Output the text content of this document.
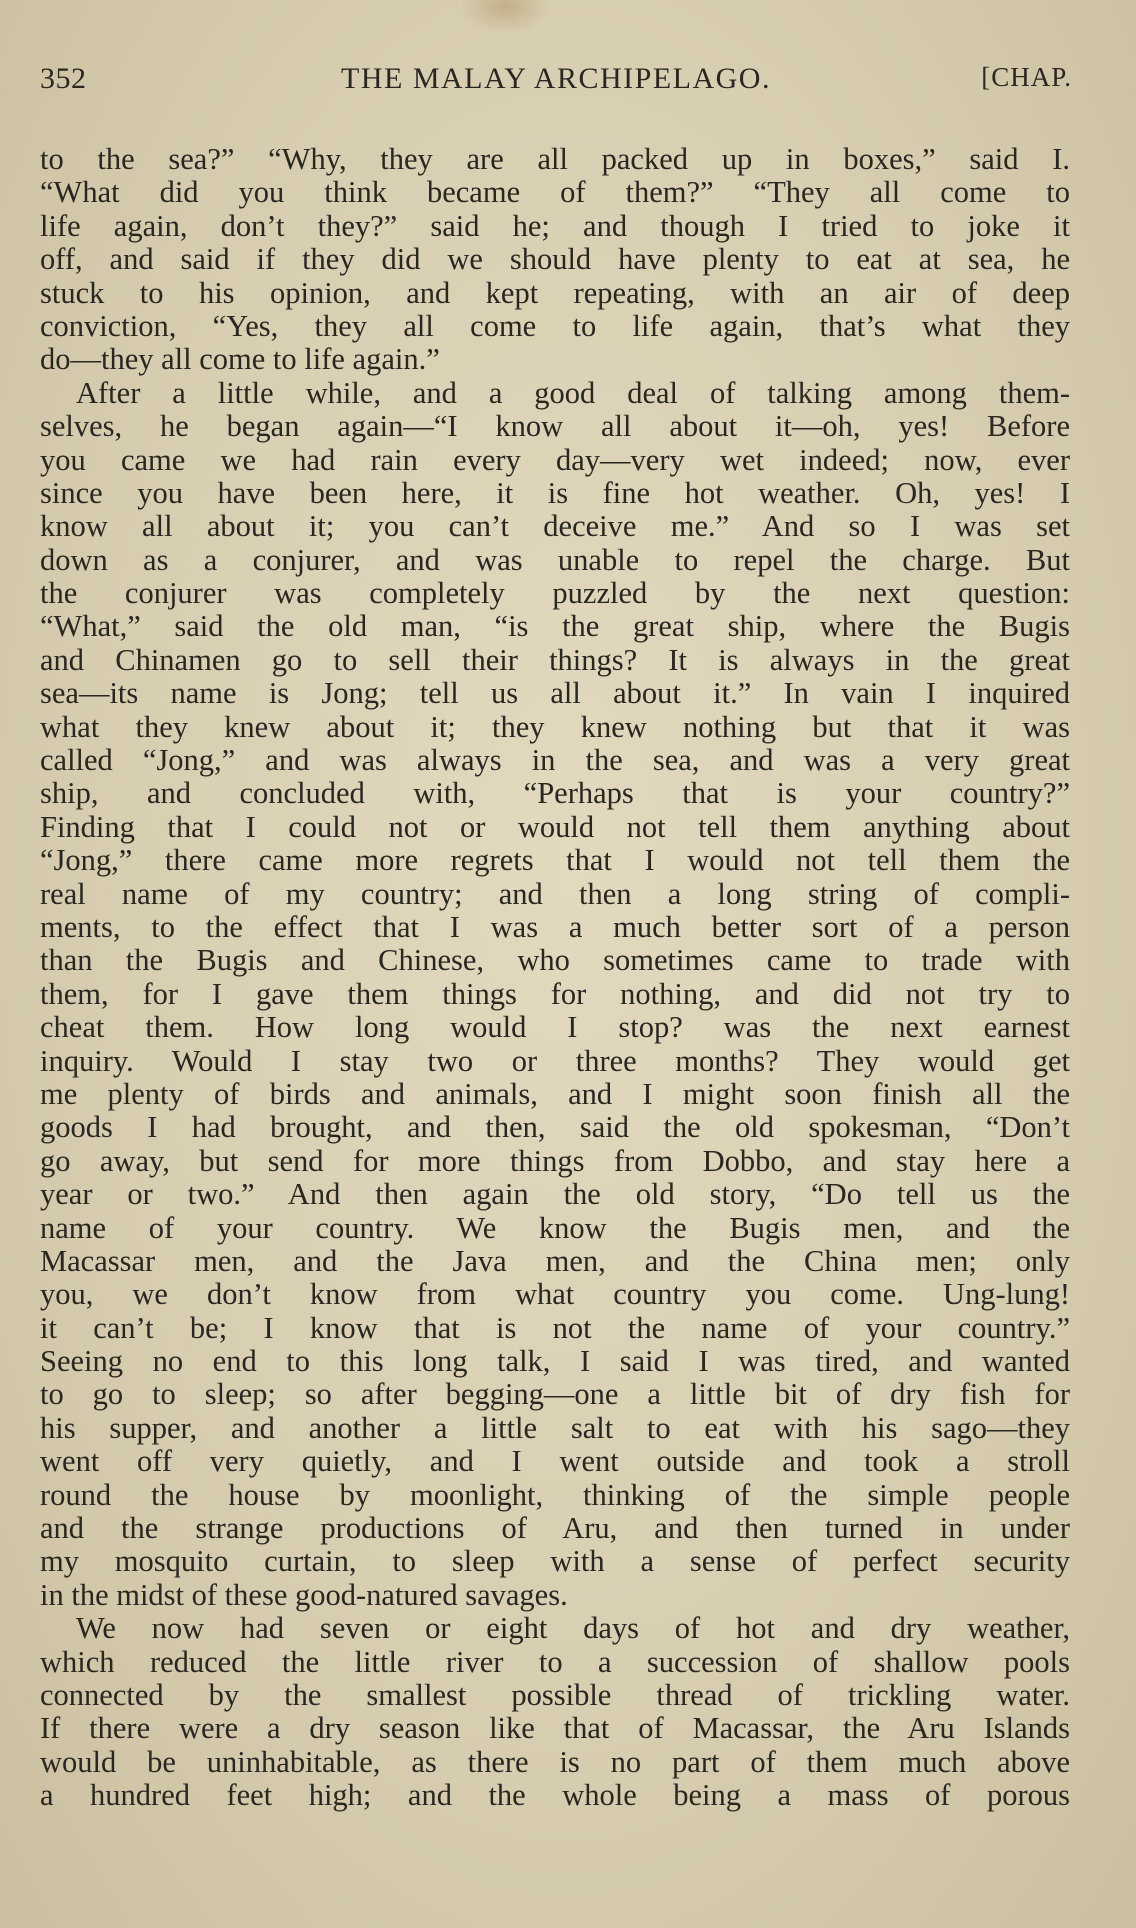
352	THE MALAY ARCHIPELAGO.	[CHAP.
to the sea?” “Why, they are all packed up in boxes,” said I.
“What did you think became of them?” “They all come to
life again, don’t they?” said he; and though I tried to joke it
off, and said if they did we should have plenty to eat at sea, he
stuck to his opinion, and kept repeating, with an air of deep
conviction, “Yes, they all come to life again, that’s what they
do—they all come to life again.”
After a little while, and a good deal of talking among them-
selves, he began again—“I know all about it—oh, yes! Before
you came we had rain every day—very wet indeed; now, ever
since you have been here, it is fine hot weather. Oh, yes! I
know all about it; you can’t deceive me.” And so I was set
down as a conjurer, and was unable to repel the charge. But
the conjurer was completely puzzled by the next question:
“What,” said the old man, “is the great ship, where the Bugis
and Chinamen go to sell their things? It is always in the great
sea—its name is Jong; tell us all about it.” In vain I inquired
what they knew about it; they knew nothing but that it was
called “Jong,” and was always in the sea, and was a very great
ship, and concluded with, “Perhaps that is your country?”
Finding that I could not or would not tell them anything about
“Jong,” there came more regrets that I would not tell them the
real name of my country; and then a long string of compli-
ments, to the effect that I was a much better sort of a person
than the Bugis and Chinese, who sometimes came to trade with
them, for I gave them things for nothing, and did not try to
cheat them. How long would I stop? was the next earnest
inquiry. Would I stay two or three months? They would get
me plenty of birds and animals, and I might soon finish all the
goods I had brought, and then, said the old spokesman, “Don’t
go away, but send for more things from Dobbo, and stay here a
year or two.” And then again the old story, “Do tell us the
name of your country. We know the Bugis men, and the
Macassar men, and the Java men, and the China men; only
you, we don’t know from what country you come. Ung-lung!
it can’t be; I know that is not the name of your country.”
Seeing no end to this long talk, I said I was tired, and wanted
to go to sleep; so after begging—one a little bit of dry fish for
his supper, and another a little salt to eat with his sago—they
went off very quietly, and I went outside and took a stroll
round the house by moonlight, thinking of the simple people
and the strange productions of Aru, and then turned in under
my mosquito curtain, to sleep with a sense of perfect security
in the midst of these good-natured savages.
We now had seven or eight days of hot and dry weather,
which reduced the little river to a succession of shallow pools
connected by the smallest possible thread of trickling water.
If there were a dry season like that of Macassar, the Aru Islands
would be uninhabitable, as there is no part of them much above
a hundred feet high; and the whole being a mass of porous
